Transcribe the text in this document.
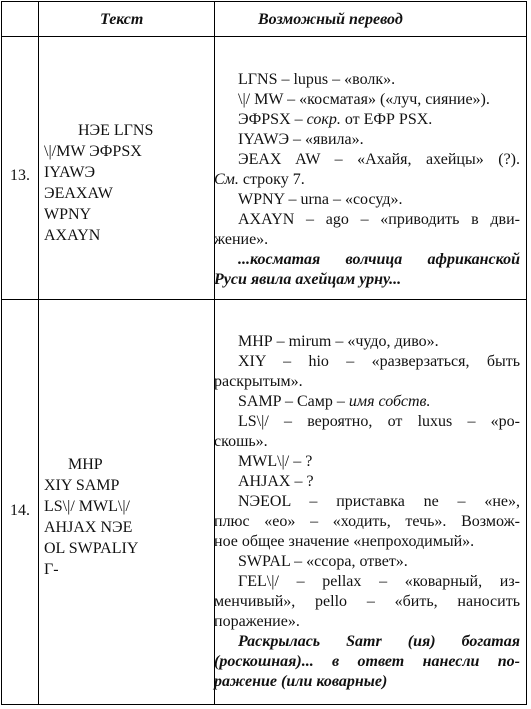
Текст	Возможный перевод
13.
НЭЕ LГNS
\|/MW ЭФPSX
IYAWЭ
ЭEAXAW
WPNY
AXAYN

LГNS – lupus – «волк».

\|/ MW – «косматая» («луч, сияние»).

ЭФPSX – сокр. от ЕФР PSX.

IYAWЭ – «явила».

ЭEAX AW – «Ахайя, ахейцы» (?).

См. строку 7.

WPNY – urna – «сосуд».

AXAYN – ago – «приводить в дви-

жение».

...косматая волчица африканской

Руси явила ахейцам урну...

14.
МНР
XIY SAMP
LS\|/ MWL\|/
AHJAX NЭЕ
OL SWPALIY
Г-

МНР – mirum – «чудо, диво».

XIY – hio – «разверзаться, быть

раскрытым».

SAMP – Самр – имя собств.

LS\|/ – вероятно, от luxus – «ро-

скошь».

MWL\|/ – ?

AHJAX – ?

NЭEOL – приставка ne – «не»,

плюс «ео» – «ходить, течь». Возмож-

ное общее значение «непроходимый».

SWPAL – «ссора, ответ».

ГEL\|/ – pellax – «коварный, из-

менчивый», pello – «бить, наносить

поражение».

Раскрылась Samr (ия) богатая

(роскошная)... в ответ нанесли по-

ражение (или коварные)
